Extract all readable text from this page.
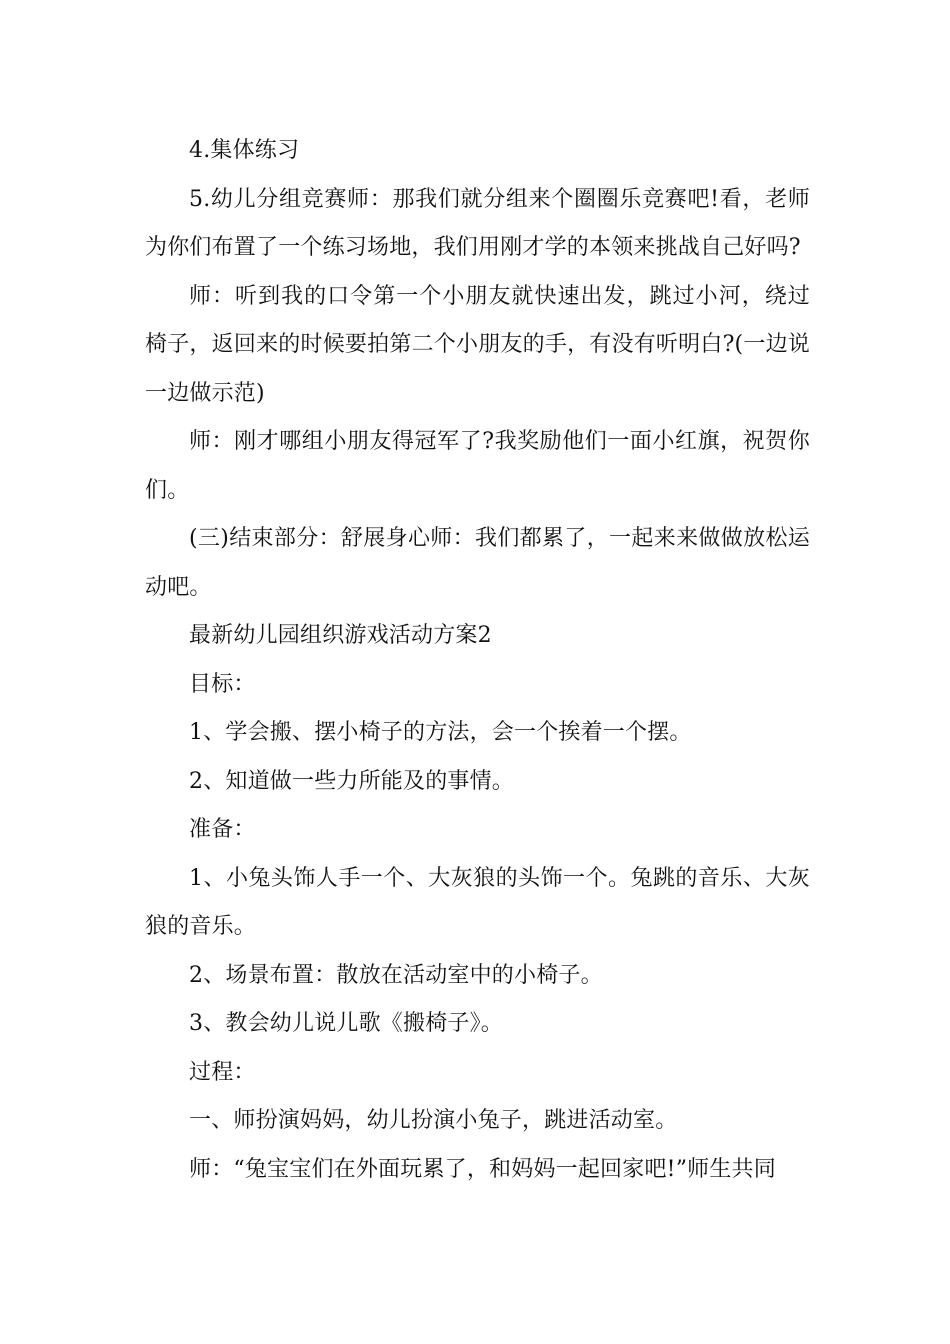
4.集体练习

5.幼儿分组竞赛师：那我们就分组来个圈圈乐竞赛吧!看，老师为你们布置了一个练习场地，我们用刚才学的本领来挑战自己好吗?

师：听到我的口令第一个小朋友就快速出发，跳过小河，绕过椅子，返回来的时候要拍第二个小朋友的手，有没有听明白?(一边说一边做示范)

师：刚才哪组小朋友得冠军了?我奖励他们一面小红旗，祝贺你们。

(三)结束部分：舒展身心师：我们都累了，一起来来做做放松运动吧。

最新幼儿园组织游戏活动方案2

目标：

1、学会搬、摆小椅子的方法，会一个挨着一个摆。

2、知道做一些力所能及的事情。

准备：

1、小兔头饰人手一个、大灰狼的头饰一个。兔跳的音乐、大灰狼的音乐。

2、场景布置：散放在活动室中的小椅子。

3、教会幼儿说儿歌《搬椅子》。

过程：

一、师扮演妈妈，幼儿扮演小兔子，跳进活动室。

师：“兔宝宝们在外面玩累了，和妈妈一起回家吧!”师生共同
